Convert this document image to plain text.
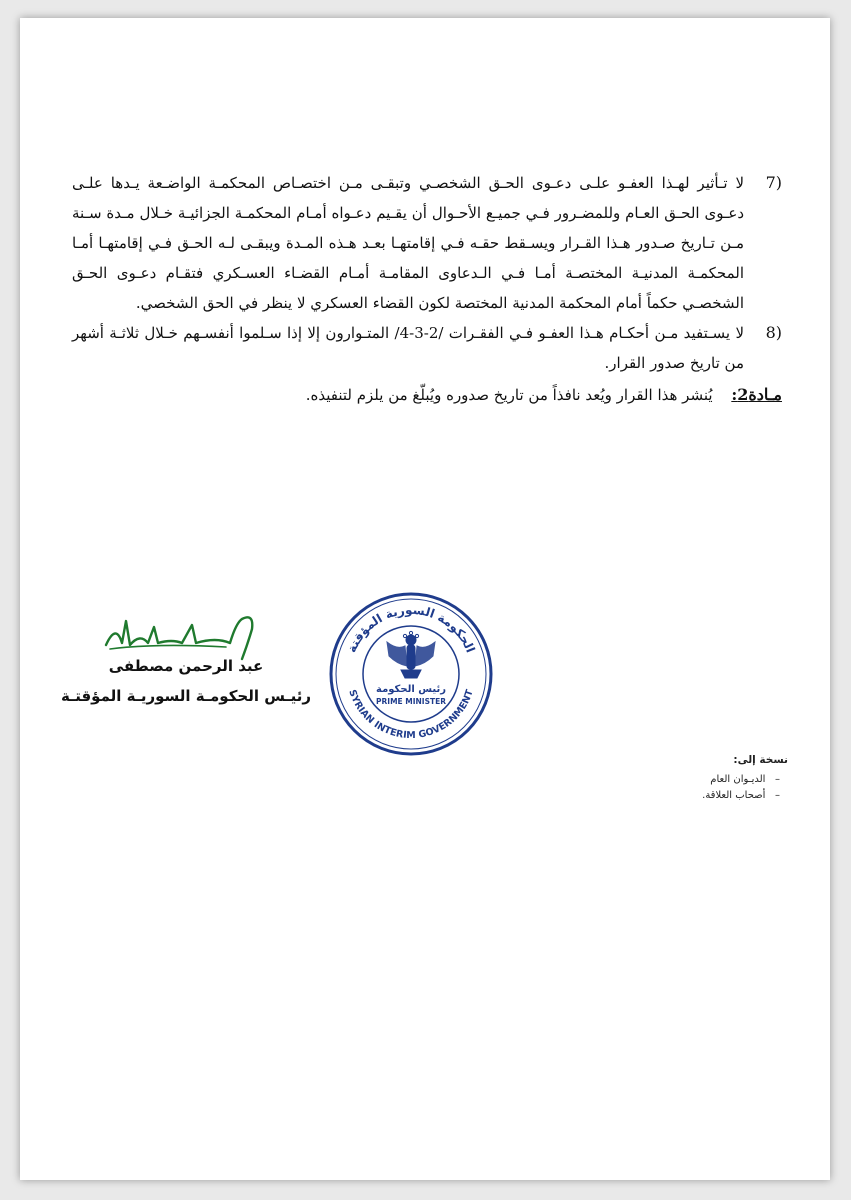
7)
لا تـأثير لهـذا العفـو علـى دعـوى الحـق الشخصـي وتبقـى مـن اختصـاص المحكمـة الواضـعة يـدها علـى دعـوى الحـق العـام وللمضـرور فـي جميـع الأحـوال أن يقـيم دعـواه أمـام المحكمـة الجزائيـة خـلال مـدة سـنة مـن تـاريخ صـدور هـذا القـرار ويسـقط حقـه فـي إقامتهـا بعـد هـذه المـدة ويبقـى لـه الحـق فـي إقامتهـا أمـا المحكمـة المدنيـة المختصـة أمـا فـي الـدعاوى المقامـة أمـام القضـاء العسـكري فتقـام دعـوى الحـق الشخصـي حكماً أمام المحكمة المدنية المختصة لكون القضاء العسكري لا ينظر في الحق الشخصي.
8)
لا يسـتفيد مـن أحكـام هـذا العفـو فـي الفقـرات /2-3-4/ المتـوارون إلا إذا سـلموا أنفسـهم خـلال ثلاثـة أشهر من تاريخ صدور القرار.
مـادة2: يُنشر هذا القرار ويُعد نافذاً من تاريخ صدوره ويُبلّغ من يلزم لتنفيذه.
الحكومة السورية المؤقتة
SYRIAN INTERIM GOVERNMENT
رئيس الحكومة
PRIME MINISTER
عبد الرحمن مصطفى
رئيـس الحكومـة السوريـة المؤقتـة
نسخة إلى:
–   الديـوان العام
–   أصحاب العلاقة.
